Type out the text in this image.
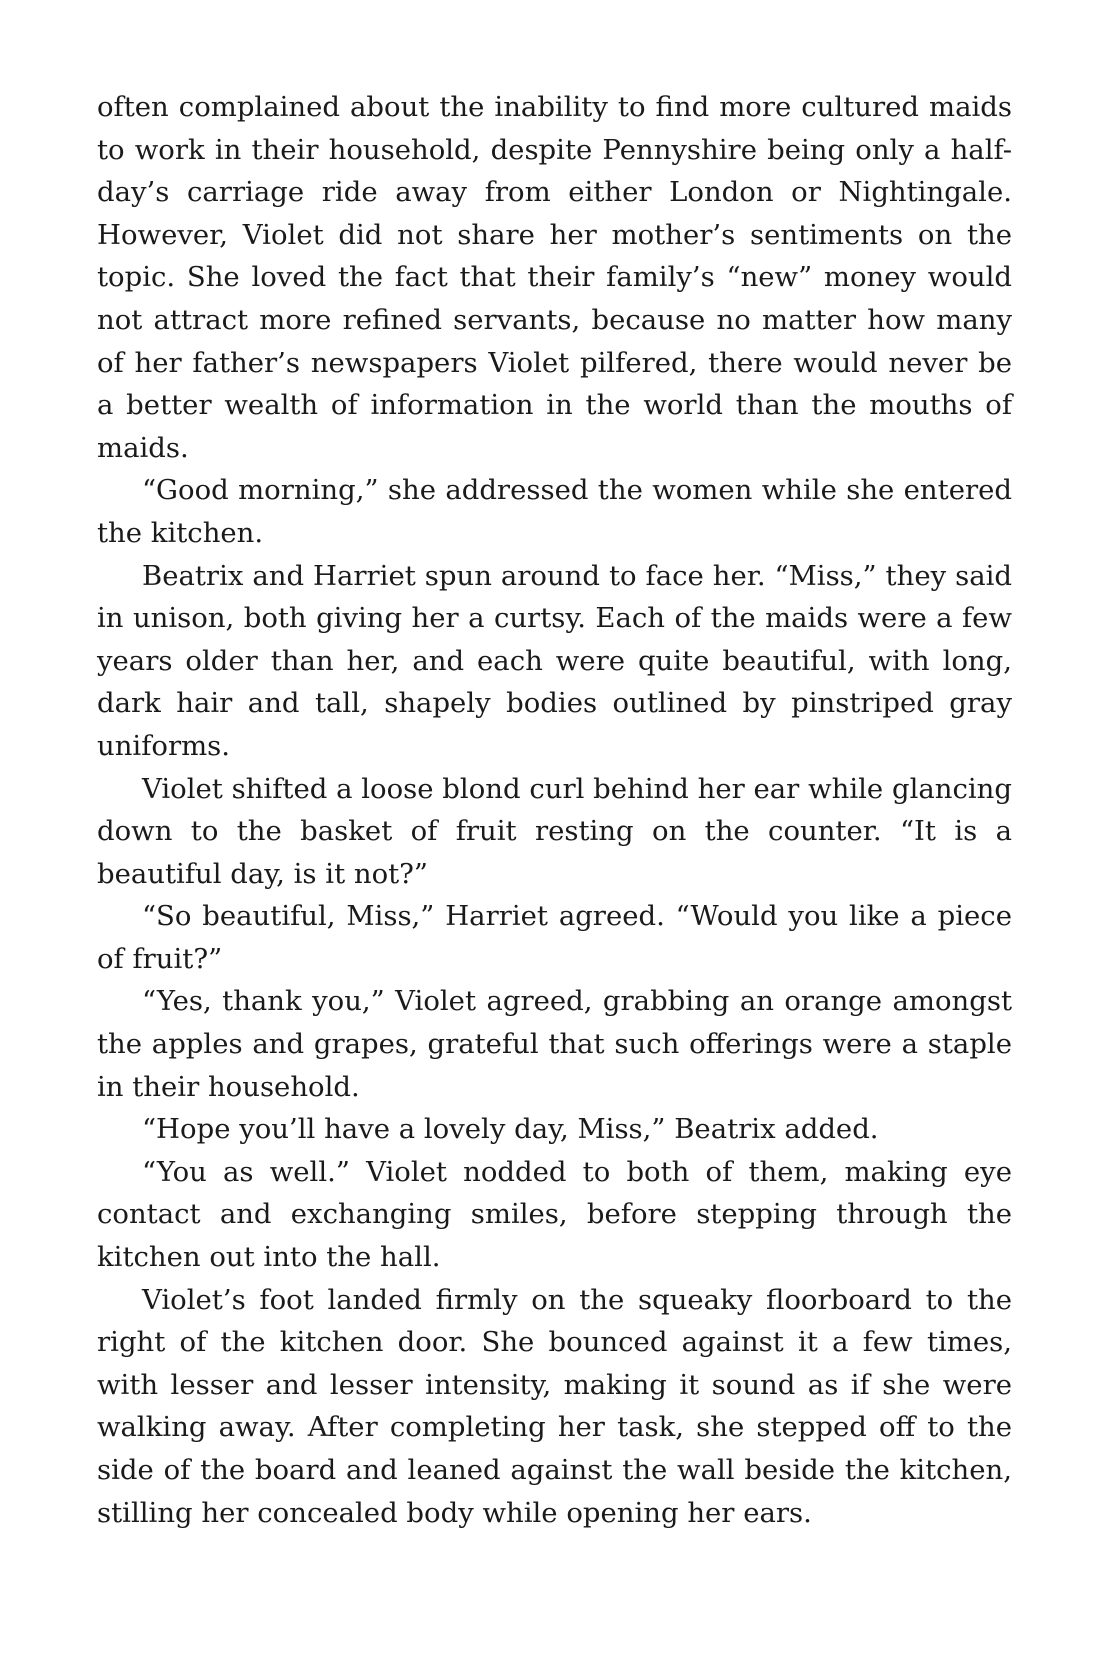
often complained about the inability to find more cultured maids to work in their household, despite Pennyshire being only a half-day’s carriage ride away from either London or Nightingale. However, Violet did not share her mother’s sentiments on the topic. She loved the fact that their family’s “new” money would not attract more refined servants, because no matter how many of her father’s newspapers Violet pilfered, there would never be a better wealth of information in the world than the mouths of maids.

“Good morning,” she addressed the women while she entered the kitchen.

Beatrix and Harriet spun around to face her. “Miss,” they said in unison, both giving her a curtsy. Each of the maids were a few years older than her, and each were quite beautiful, with long, dark hair and tall, shapely bodies outlined by pinstriped gray uniforms.

Violet shifted a loose blond curl behind her ear while glancing down to the basket of fruit resting on the counter. “It is a beautiful day, is it not?”

“So beautiful, Miss,” Harriet agreed. “Would you like a piece of fruit?”

“Yes, thank you,” Violet agreed, grabbing an orange amongst the apples and grapes, grateful that such offerings were a staple in their household.

“Hope you’ll have a lovely day, Miss,” Beatrix added.

“You as well.” Violet nodded to both of them, making eye contact and exchanging smiles, before stepping through the kitchen out into the hall.

Violet’s foot landed firmly on the squeaky floorboard to the right of the kitchen door. She bounced against it a few times, with lesser and lesser intensity, making it sound as if she were walking away. After completing her task, she stepped off to the side of the board and leaned against the wall beside the kitchen, stilling her concealed body while opening her ears.
